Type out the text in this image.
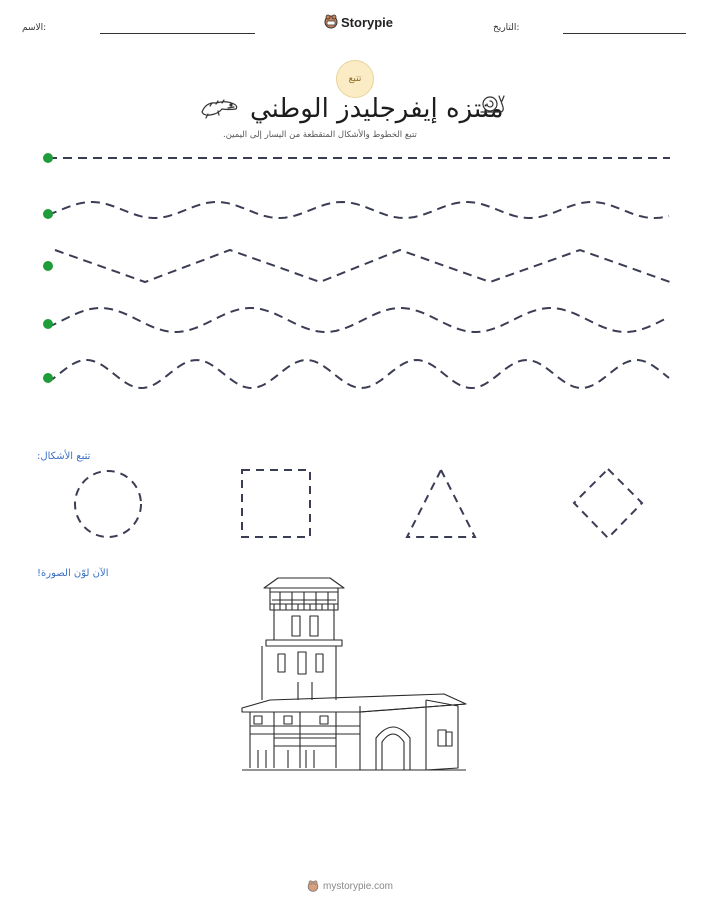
الاسم:	Storypie	التاريخ:
تتبع
منتزه إيفرجليدز الوطني
تتبع الخطوط والأشكال المتقطعة من اليسار إلى اليمين.
تتبع الأشكال:
الآن لوّن الصورة!
mystorypie.com
